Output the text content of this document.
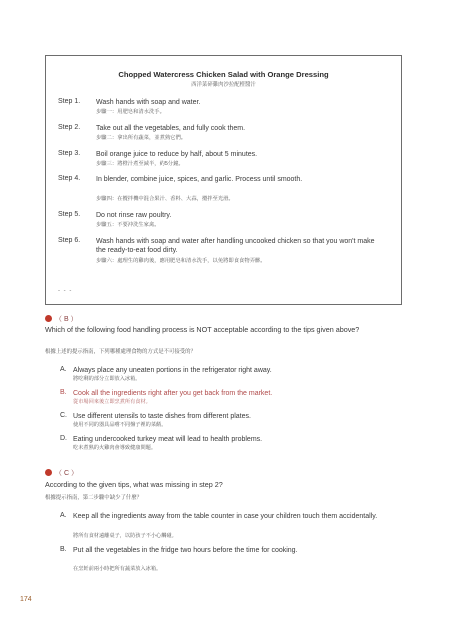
Chopped Watercress Chicken Salad with Orange Dressing
西洋菜碎雞肉沙拉配橙醬汁
Step 1. Wash hands with soap and water.
步驟一：用肥皂和清水洗手。
Step 2. Take out all the vegetables, and fully cook them.
步驟二：拿出所有蔬菜，並煮熟它們。
Step 3. Boil orange juice to reduce by half, about 5 minutes.
步驟三：將橙汁煮至減半，約5分鐘。
Step 4. In blender, combine juice, spices, and garlic. Process until smooth.
步驟四：在攪拌機中混合果汁、香料、大蒜，攪拌至光滑。
Step 5. Do not rinse raw poultry.
步驟五：不要沖洗生家禽。
Step 6. Wash hands with soap and water after handling uncooked chicken so that you won't make the ready-to-eat food dirty.
步驟六：處理生的雞肉後，應用肥皂和清水洗手，以免將即食食物弄髒。
- - -
（ B ）
Which of the following food handling process is NOT acceptable according to the tips given above?
根據上述的提示指南，下列哪種處理食物的方式是不可接受的？
A. Always place any uneaten portions in the refrigerator right away.
將吃剩的部分立即放入冰箱。
B. Cook all the ingredients right after you get back from the market.
從市場回來後立即烹煮所有食材。
C. Use different utensils to taste dishes from different plates.
使用不同的器具品嚐不同盤子裡的菜餚。
D. Eating undercooked turkey meat will lead to health problems.
吃未煮熟的火雞肉會導致健康問題。
（ C ）
According to the given tips, what was missing in step 2?
根據提示指南，第二步驟中缺少了什麼？
A. Keep all the ingredients away from the table counter in case your children touch them accidentally.
將所有食材遠離桌子，以防孩子不小心觸碰。
B. Put all the vegetables in the fridge two hours before the time for cooking.
在烹飪前兩小時把所有蔬菜放入冰箱。
174
